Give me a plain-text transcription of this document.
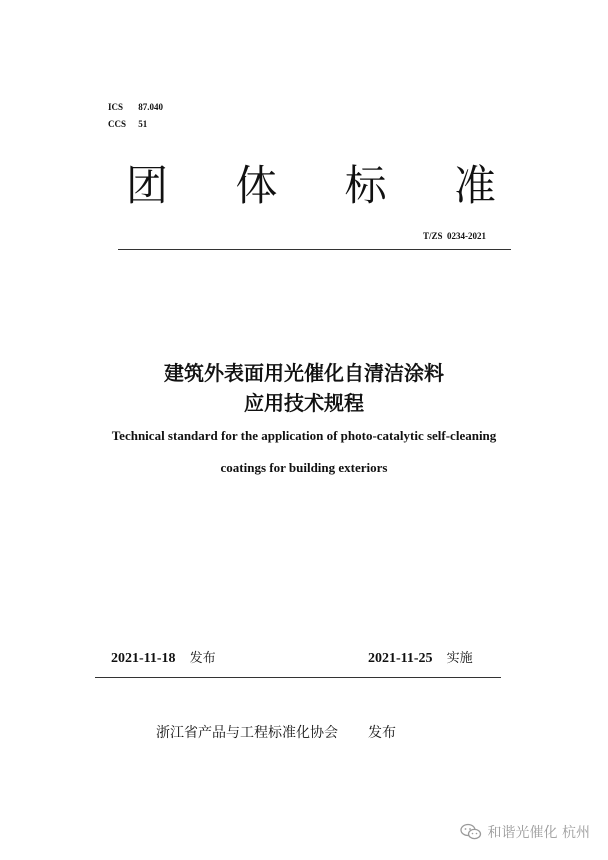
ICS 87.040
CCS 51
团 体 标 准
T/ZS  0234-2021
建筑外表面用光催化自清洁涂料
应用技术规程
Technical standard for the application of photo-catalytic self-cleaning
coatings for building exteriors
2021-11-18 发布	2021-11-25 实施
浙江省产品与工程标准化协会 发布
和谐光催化 杭州
